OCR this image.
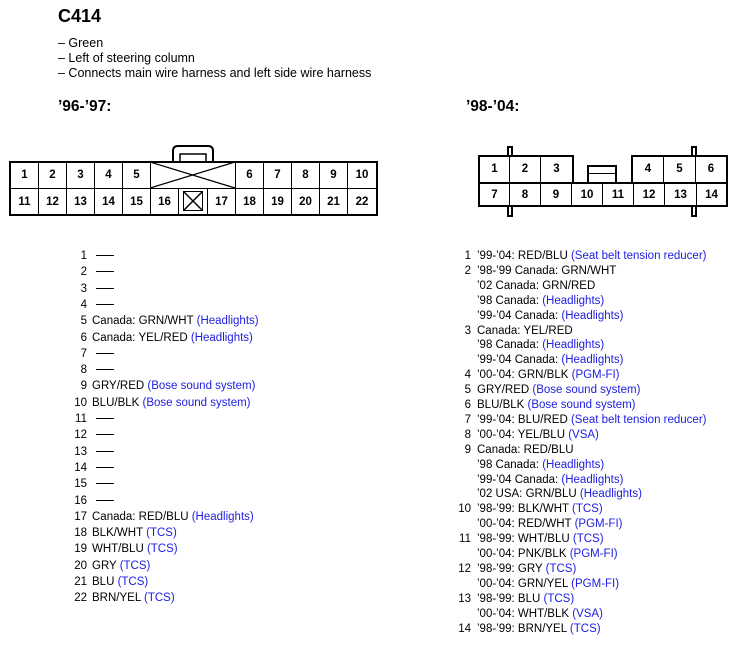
C414
– Green
– Left of steering column
– Connects main wire harness and left side wire harness
’96-’97:	’98-’04:
1	2	3	4	5	6	7	8	9	10
11	12	13	14	15	16	17	18	19	20	21	22
1	2	3	4	5	6
7	8	9	10	11	12	13	14
1
2
3
4
5 Canada: GRN/WHT (Headlights)
6 Canada: YEL/RED (Headlights)
7
8
9 GRY/RED (Bose sound system)
10 BLU/BLK (Bose sound system)
11
12
13
14
15
16
17 Canada: RED/BLU (Headlights)
18 BLK/WHT (TCS)
19 WHT/BLU (TCS)
20 GRY (TCS)
21 BLU (TCS)
22 BRN/YEL (TCS)
1 ’99-’04: RED/BLU (Seat belt tension reducer)
2 ’98-’99 Canada: GRN/WHT
’02 Canada: GRN/RED
’98 Canada: (Headlights)
’99-’04 Canada: (Headlights)
3 Canada: YEL/RED
’98 Canada: (Headlights)
’99-’04 Canada: (Headlights)
4 ’00-’04: GRN/BLK (PGM-FI)
5 GRY/RED (Bose sound system)
6 BLU/BLK (Bose sound system)
7 ’99-’04: BLU/RED (Seat belt tension reducer)
8 ’00-’04: YEL/BLU (VSA)
9 Canada: RED/BLU
’98 Canada: (Headlights)
’99-’04 Canada: (Headlights)
’02 USA: GRN/BLU (Headlights)
10 ’98-’99: BLK/WHT (TCS)
’00-’04: RED/WHT (PGM-FI)
11 ’98-’99: WHT/BLU (TCS)
’00-’04: PNK/BLK (PGM-FI)
12 ’98-’99: GRY (TCS)
’00-’04: GRN/YEL (PGM-FI)
13 ’98-’99: BLU (TCS)
’00-’04: WHT/BLK (VSA)
14 ’98-’99: BRN/YEL (TCS)
